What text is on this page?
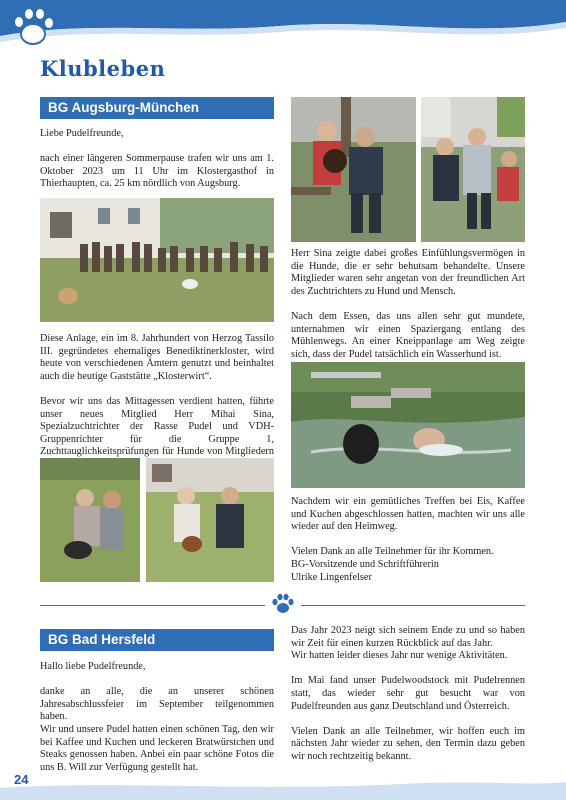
Klubleben
BG Augsburg-München

Liebe Pudelfreunde,

nach einer längeren Sommerpause trafen wir uns am 1. Oktober 2023 um 11 Uhr im Klostergasthof in Thierhaupten, ca. 25 km nördlich von Augsburg.

Diese Anlage, ein im 8. Jahrhundert von Herzog Tassilo III. gegründetes ehemaliges Benediktinerkloster, wird heute von verschiedenen Ämtern genutzt und beinhaltet auch die heutige Gaststätte „Klosterwirt“.

Bevor wir uns das Mittagessen verdient hatten, führte unser neues Mitglied Herr Mihai Sina, Spezialzuchtrichter der Rasse Pudel und VDH-Gruppenrichter für die Gruppe 1, Zuchttauglichkeitsprüfungen für Hunde von Mitgliedern

Herr Sina zeigte dabei großes Einfühlungsvermögen in die Hunde, die er sehr behutsam behandelte. Unsere Mitglieder waren sehr angetan von der freundlichen Art des Zuchtrichters zu Hund und Mensch.

Nach dem Essen, das uns allen sehr gut mundete, unternahmen wir einen Spaziergang entlang des Mühlenwegs. An einer Kneippanlage am Weg zeigte sich, dass der Pudel tatsächlich ein Wasserhund ist.

Nachdem wir ein gemütliches Treffen bei Eis, Kaffee und Kuchen abgeschlossen hatten, machten wir uns alle wieder auf den Heimweg.

Vielen Dank an alle Teilnehmer für ihr Kommen.
BG-Vorsitzende und Schriftführerin
Ulrike Lingenfelser
BG Bad Hersfeld

Hallo liebe Pudelfreunde,

danke an alle, die an unserer schönen Jahresabschlussfeier im September teilgenommen haben.
Wir und unsere Pudel hatten einen schönen Tag, den wir bei Kaffee und Kuchen und leckeren Bratwürstchen und Steaks genossen haben. Anbei ein paar schöne Fotos die uns B. Will zur Verfügung gestellt hat.
Das Jahr 2023 neigt sich seinem Ende zu und so haben wir Zeit für einen kurzen Rückblick auf das Jahr.

Wir hatten leider dieses Jahr nur wenige Aktivitäten.

Im Mai fand unser Pudelwoodstock mit Pudelrennen statt, das wieder sehr gut besucht war von Pudelfreunden aus ganz Deutschland und Österreich.

Vielen Dank an alle Teilnehmer, wir hoffen euch im nächsten Jahr wieder zu sehen, den Termin dazu geben wir noch rechtzeitig bekannt.

24
